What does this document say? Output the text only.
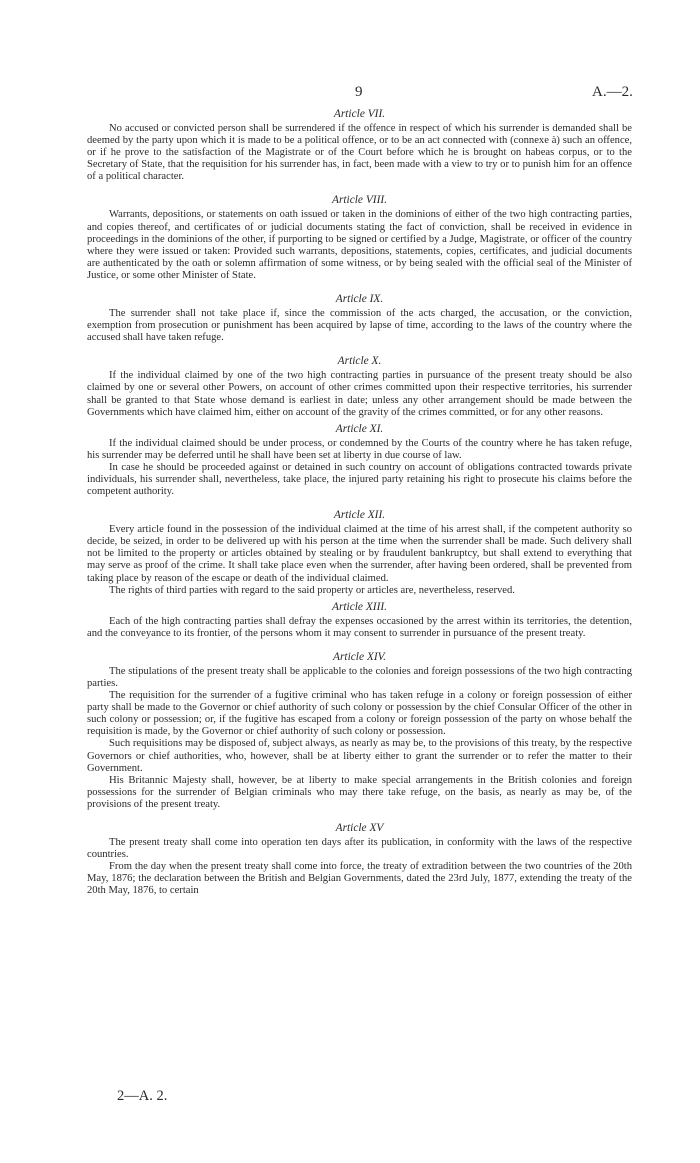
9	A.—2.
Article VII.

No accused or convicted person shall be surrendered if the offence in respect of which his surrender is demanded shall be deemed by the party upon which it is made to be a political offence, or to be an act connected with (connexe à) such an offence, or if he prove to the satisfaction of the Magistrate or of the Court before which he is brought on habeas corpus, or to the Secretary of State, that the requisition for his surrender has, in fact, been made with a view to try or to punish him for an offence of a political character.

Article VIII.

Warrants, depositions, or statements on oath issued or taken in the dominions of either of the two high contracting parties, and copies thereof, and certificates of or judicial documents stating the fact of conviction, shall be received in evidence in proceedings in the dominions of the other, if purporting to be signed or certified by a Judge, Magistrate, or officer of the country where they were issued or taken: Provided such warrants, depositions, statements, copies, certificates, and judicial documents are authenticated by the oath or solemn affirmation of some witness, or by being sealed with the official seal of the Minister of Justice, or some other Minister of State.

Article IX.

The surrender shall not take place if, since the commission of the acts charged, the accusation, or the conviction, exemption from prosecution or punishment has been acquired by lapse of time, according to the laws of the country where the accused shall have taken refuge.

Article X.

If the individual claimed by one of the two high contracting parties in pursuance of the present treaty should be also claimed by one or several other Powers, on account of other crimes committed upon their respective territories, his surrender shall be granted to that State whose demand is earliest in date; unless any other arrangement should be made between the Governments which have claimed him, either on account of the gravity of the crimes committed, or for any other reasons.

Article XI.

If the individual claimed should be under process, or condemned by the Courts of the country where he has taken refuge, his surrender may be deferred until he shall have been set at liberty in due course of law.

In case he should be proceeded against or detained in such country on account of obligations contracted towards private individuals, his surrender shall, nevertheless, take place, the injured party retaining his right to prosecute his claims before the competent authority.

Article XII.

Every article found in the possession of the individual claimed at the time of his arrest shall, if the competent authority so decide, be seized, in order to be delivered up with his person at the time when the surrender shall be made. Such delivery shall not be limited to the property or articles obtained by stealing or by fraudulent bankruptcy, but shall extend to everything that may serve as proof of the crime. It shall take place even when the surrender, after having been ordered, shall be prevented from taking place by reason of the escape or death of the individual claimed.

The rights of third parties with regard to the said property or articles are, nevertheless, reserved.

Article XIII.

Each of the high contracting parties shall defray the expenses occasioned by the arrest within its territories, the detention, and the conveyance to its frontier, of the persons whom it may consent to surrender in pursuance of the present treaty.

Article XIV.

The stipulations of the present treaty shall be applicable to the colonies and foreign possessions of the two high contracting parties.

The requisition for the surrender of a fugitive criminal who has taken refuge in a colony or foreign possession of either party shall be made to the Governor or chief authority of such colony or possession by the chief Consular Officer of the other in such colony or possession; or, if the fugitive has escaped from a colony or foreign possession of the party on whose behalf the requisition is made, by the Governor or chief authority of such colony or possession.

Such requisitions may be disposed of, subject always, as nearly as may be, to the provisions of this treaty, by the respective Governors or chief authorities, who, however, shall be at liberty either to grant the surrender or to refer the matter to their Government.

His Britannic Majesty shall, however, be at liberty to make special arrangements in the British colonies and foreign possessions for the surrender of Belgian criminals who may there take refuge, on the basis, as nearly as may be, of the provisions of the present treaty.

Article XV

The present treaty shall come into operation ten days after its publication, in conformity with the laws of the respective countries.

From the day when the present treaty shall come into force, the treaty of extradition between the two countries of the 20th May, 1876; the declaration between the British and Belgian Governments, dated the 23rd July, 1877, extending the treaty of the 20th May, 1876, to certain

2—A. 2.
